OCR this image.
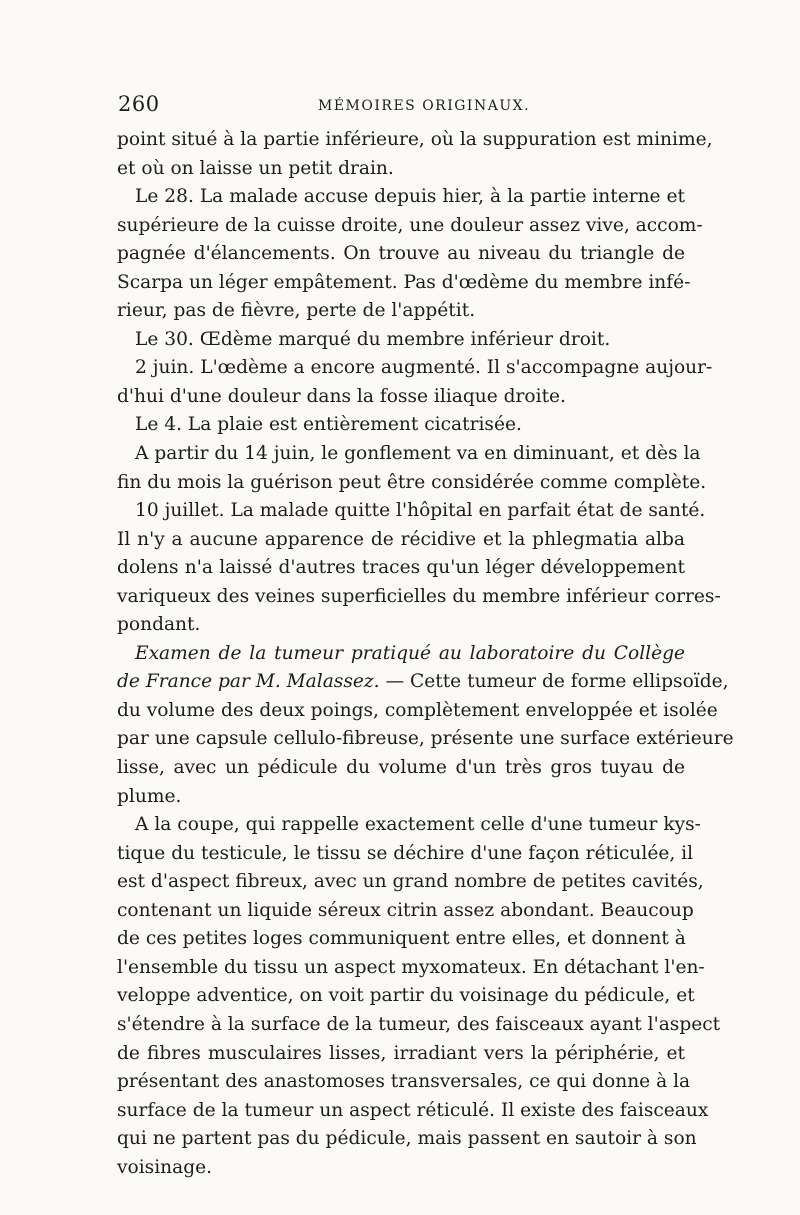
260	MÉMOIRES ORIGINAUX.
point situé à la partie inférieure, où la suppuration est minime,
et où on laisse un petit drain.
Le 28. La malade accuse depuis hier, à la partie interne et
supérieure de la cuisse droite, une douleur assez vive, accom-
pagnée d'élancements. On trouve au niveau du triangle de
Scarpa un léger empâtement. Pas d'œdème du membre infé-
rieur, pas de fièvre, perte de l'appétit.
Le 30. Œdème marqué du membre inférieur droit.
2 juin. L'œdème a encore augmenté. Il s'accompagne aujour-
d'hui d'une douleur dans la fosse iliaque droite.
Le 4. La plaie est entièrement cicatrisée.
A partir du 14 juin, le gonflement va en diminuant, et dès la
fin du mois la guérison peut être considérée comme complète.
10 juillet. La malade quitte l'hôpital en parfait état de santé.
Il n'y a aucune apparence de récidive et la phlegmatia alba
dolens n'a laissé d'autres traces qu'un léger développement
variqueux des veines superficielles du membre inférieur corres-
pondant.
Examen de la tumeur pratiqué au laboratoire du Collège
de France par M. Malassez. — Cette tumeur de forme ellipsoïde,
du volume des deux poings, complètement enveloppée et isolée
par une capsule cellulo-fibreuse, présente une surface extérieure
lisse, avec un pédicule du volume d'un très gros tuyau de
plume.
A la coupe, qui rappelle exactement celle d'une tumeur kys-
tique du testicule, le tissu se déchire d'une façon réticulée, il
est d'aspect fibreux, avec un grand nombre de petites cavités,
contenant un liquide séreux citrin assez abondant. Beaucoup
de ces petites loges communiquent entre elles, et donnent à
l'ensemble du tissu un aspect myxomateux. En détachant l'en-
veloppe adventice, on voit partir du voisinage du pédicule, et
s'étendre à la surface de la tumeur, des faisceaux ayant l'aspect
de fibres musculaires lisses, irradiant vers la périphérie, et
présentant des anastomoses transversales, ce qui donne à la
surface de la tumeur un aspect réticulé. Il existe des faisceaux
qui ne partent pas du pédicule, mais passent en sautoir à son
voisinage.
